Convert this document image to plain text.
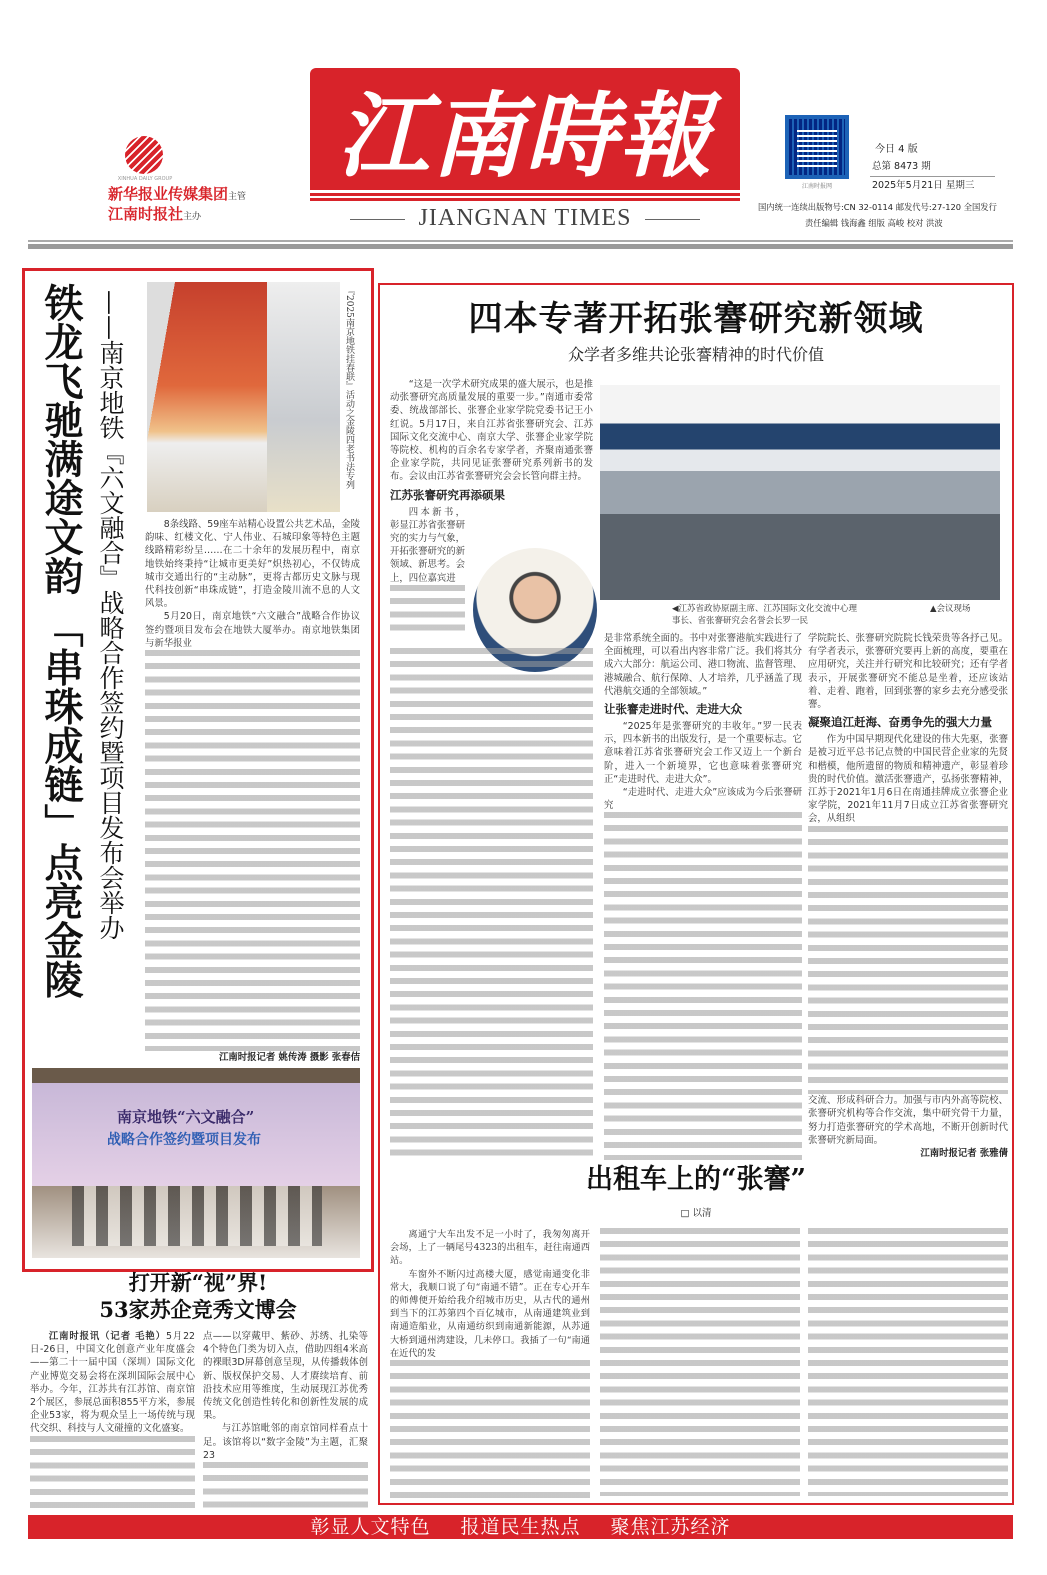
XINHUA DAILY GROUP
新华报业传媒集团主管
江南时报社主办
江南時報
JIANGNAN TIMES
江南时报网
今日 4 版
总第 8473 期
2025年5月21日 星期三
国内统一连续出版物号:CN 32-0114 邮发代号:27-120 全国发行
责任编辑 钱海鑫 组版 高峻 校对 洪波
铁龙飞驰满途文韵 「串珠成链」点亮金陵 ——南京地铁『六文融合』战略合作签约暨项目发布会举办	『2025南京地铁挂春联』活动之金陵四老书法专列

8条线路、59座车站精心设置公共艺术品，金陵韵味、红楼文化、宁人伟业、石城印象等特色主题线路精彩纷呈……在二十余年的发展历程中，南京地铁始终秉持“让城市更美好”炽热初心，不仅铸成城市交通出行的“主动脉”，更将古都历史文脉与现代科技创新“串珠成链”，打造金陵川流不息的人文风景。

5月20日，南京地铁“六文融合”战略合作协议签约暨项目发布会在地铁大厦举办。南京地铁集团与新华报业

江南时报记者 姚传涛 摄影 张春佶
南京地铁“六文融合”
战略合作签约暨项目发布
打开新“视”界!
53家苏企竞秀文博会

江南时报讯（记者 毛艳）5月22日-26日，中国文化创意产业年度盛会——第二十一届中国（深圳）国际文化产业博览交易会将在深圳国际会展中心举办。今年，江苏共有江苏馆、南京馆2个展区，参展总面积855平方米，参展企业53家，将为观众呈上一场传统与现代交织、科技与人文碰撞的文化盛宴。

点——以穿戴甲、紫砂、苏绣、扎染等4个特色门类为切入点，借助四组4米高的裸眼3D屏幕创意呈现，从传播载体创新、版权保护交易、人才赓续培育、前沿技术应用等维度，生动展现江苏优秀传统文化创造性转化和创新性发展的成果。

与江苏馆毗邻的南京馆同样看点十足。该馆将以“数字金陵”为主题，汇聚23

四本专著开拓张謇研究新领域
众学者多维共论张謇精神的时代价值

“这是一次学术研究成果的盛大展示，也是推动张謇研究高质量发展的重要一步。”南通市委常委、统战部部长、张謇企业家学院党委书记王小红说。5月17日，来自江苏省张謇研究会、江苏国际文化交流中心、南京大学、张謇企业家学院等院校、机构的百余名专家学者，齐聚南通张謇企业家学院，共同见证张謇研究系列新书的发布。会议由江苏省张謇研究会会长管向群主持。

江苏张謇研究再添硕果

四本新书，彰显江苏省张謇研究的实力与气象，开拓张謇研究的新领域、新思考。会上，四位嘉宾进

◀江苏省政协原副主席、江苏国际文化交流中心理事长、省张謇研究会名誉会长罗一民
▲会议现场

是非常系统全面的。书中对张謇港航实践进行了全面梳理，可以看出内容非常广泛。我们将其分成六大部分：航运公司、港口物流、监督管理、港城融合、航行保障、人才培养，几乎涵盖了现代港航交通的全部领域。”

让张謇走进时代、走进大众

“2025年是张謇研究的丰收年。”罗一民表示，四本新书的出版发行，是一个重要标志。它意味着江苏省张謇研究会工作又迈上一个新台阶，进入一个新境界，它也意味着张謇研究正“走进时代、走进大众”。

“走进时代、走进大众”应该成为今后张謇研究

学院院长、张謇研究院院长钱荣贵等各抒己见。有学者表示，张謇研究要再上新的高度，要重在应用研究，关注并行研究和比较研究；还有学者表示，开展张謇研究不能总是坐着，还应该站着、走着、跑着，回到张謇的家乡去充分感受张謇。

凝聚追江赶海、奋勇争先的强大力量

作为中国早期现代化建设的伟大先驱，张謇是被习近平总书记点赞的中国民营企业家的先贤和楷模，他所遗留的物质和精神遗产，彰显着珍贵的时代价值。激活张謇遗产，弘扬张謇精神，江苏于2021年1月6日在南通挂牌成立张謇企业家学院，2021年11月7日成立江苏省张謇研究会，从组织

交流、形成科研合力。加强与市内外高等院校、张謇研究机构等合作交流，集中研究骨干力量，努力打造张謇研究的学术高地，不断开创新时代张謇研究新局面。

江南时报记者 张雅倩
出租车上的“张謇”
□ 以清

离通宁大车出发不足一小时了，我匆匆离开会场，上了一辆尾号4323的出租车，赶往南通西站。

车窗外不断闪过高楼大厦，感觉南通变化非常大，我顺口说了句“南通不错”。正在专心开车的师傅便开始给我介绍城市历史，从古代的通州到当下的江苏第四个百亿城市，从南通建筑业到南通造船业，从南通纺织到南通新能源，从苏通大桥到通州湾建设，几未停口。我插了一句“南通在近代的发

彰显人文特色 报道民生热点 聚焦江苏经济
